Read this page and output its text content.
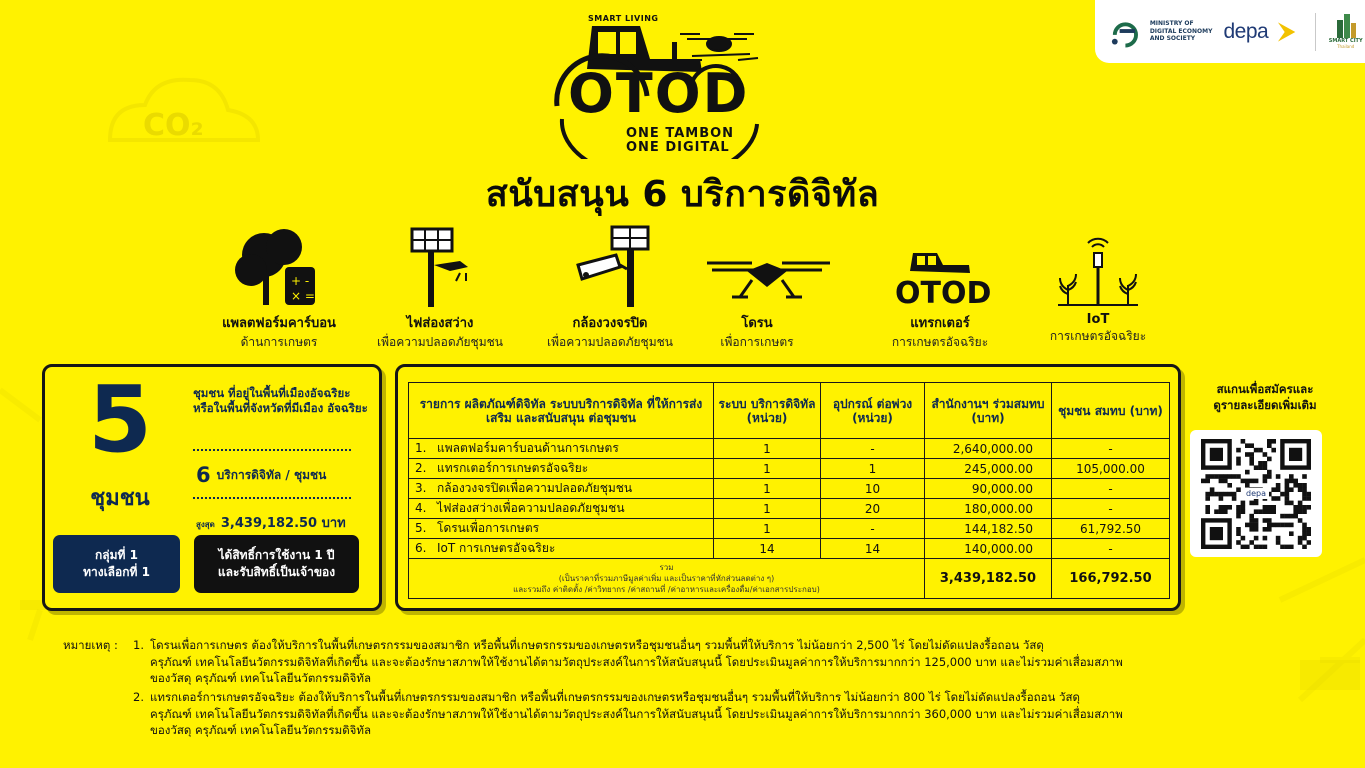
CO₂
MINISTRY OF DIGITAL ECONOMY AND SOCIETY	depa	SMART CITY
Thailand
SMART LIVING
OTOD
ONE TAMBON
ONE DIGITAL
สนับสนุน 6 บริการดิจิทัล
+ -
× =
แพลตฟอร์มคาร์บอน
ด้านการเกษตร
ไฟส่องสว่าง
เพื่อความปลอดภัยชุมชน
กล้องวงจรปิด
เพื่อความปลอดภัยชุมชน
โดรน
เพื่อการเกษตร
OTOD
แทรกเตอร์
การเกษตรอัจฉริยะ
IoT
การเกษตรอัจฉริยะ
5
ชุมชน
ชุมชน ที่อยู่ในพื้นที่เมืองอัจฉริยะ หรือในพื้นที่จังหวัดที่มีเมือง อัจฉริยะ
6 บริการดิจิทัล / ชุมชน
สูงสุด 3,439,182.50 บาท
กลุ่มที่ 1
ทางเลือกที่ 1
ได้สิทธิ์การใช้งาน 1 ปี
และรับสิทธิ์เป็นเจ้าของ
รายการ ผลิตภัณฑ์ดิจิทัล ระบบบริการดิจิทัล ที่ให้การส่งเสริม และสนับสนุน ต่อชุมชน	ระบบ บริการดิจิทัล (หน่วย)	อุปกรณ์ ต่อพ่วง (หน่วย)	สำนักงานฯ ร่วมสมทบ (บาท)	ชุมชน สมทบ (บาท)
1. แพลตฟอร์มคาร์บอนด้านการเกษตร	1	-	2,640,000.00	-
2. แทรกเตอร์การเกษตรอัจฉริยะ	1	1	245,000.00	105,000.00
3. กล้องวงจรปิดเพื่อความปลอดภัยชุมชน	1	10	90,000.00	-
4. ไฟส่องสว่างเพื่อความปลอดภัยชุมชน	1	20	180,000.00	-
5. โดรนเพื่อการเกษตร	1	-	144,182.50	61,792.50
6. IoT การเกษตรอัจฉริยะ	14	14	140,000.00	-

รวม
(เป็นราคาที่รวมภาษีมูลค่าเพิ่ม และเป็นราคาที่หักส่วนลดต่าง ๆ)
และรวมถึง ค่าติดตั้ง /ค่าวิทยากร /ค่าสถานที่ /ค่าอาหารและเครื่องดื่ม/ค่าเอกสารประกอบ)			3,439,182.50	166,792.50
สแกนเพื่อสมัครและ
ดูรายละเอียดเพิ่มเติม
depa
หมายเหตุ :	1. โดรนเพื่อการเกษตร ต้องให้บริการในพื้นที่เกษตรกรรมของสมาชิก หรือพื้นที่เกษตรกรรมของเกษตรหรือชุมชนอื่นๆ รวมพื้นที่ให้บริการ ไม่น้อยกว่า 2,500 ไร่ โดยไม่ดัดแปลงรื้อถอน วัสดุ
ครุภัณฑ์ เทคโนโลยีนวัตกรรมดิจิทัลที่เกิดขึ้น และจะต้องรักษาสภาพให้ใช้งานได้ตามวัตถุประสงค์ในการให้สนับสนุนนี้ โดยประเมินมูลค่าการให้บริการมากกว่า 125,000 บาท และไม่รวมค่าเสื่อมสภาพ
ของวัสดุ ครุภัณฑ์ เทคโนโลยีนวัตกรรมดิจิทัล
2. แทรกเตอร์การเกษตรอัจฉริยะ ต้องให้บริการในพื้นที่เกษตรกรรมของสมาชิก หรือพื้นที่เกษตรกรรมของเกษตรหรือชุมชนอื่นๆ รวมพื้นที่ให้บริการ ไม่น้อยกว่า 800 ไร่ โดยไม่ดัดแปลงรื้อถอน วัสดุ
ครุภัณฑ์ เทคโนโลยีนวัตกรรมดิจิทัลที่เกิดขึ้น และจะต้องรักษาสภาพให้ใช้งานได้ตามวัตถุประสงค์ในการให้สนับสนุนนี้ โดยประเมินมูลค่าการให้บริการมากกว่า 360,000 บาท และไม่รวมค่าเสื่อมสภาพ
ของวัสดุ ครุภัณฑ์ เทคโนโลยีนวัตกรรมดิจิทัล
